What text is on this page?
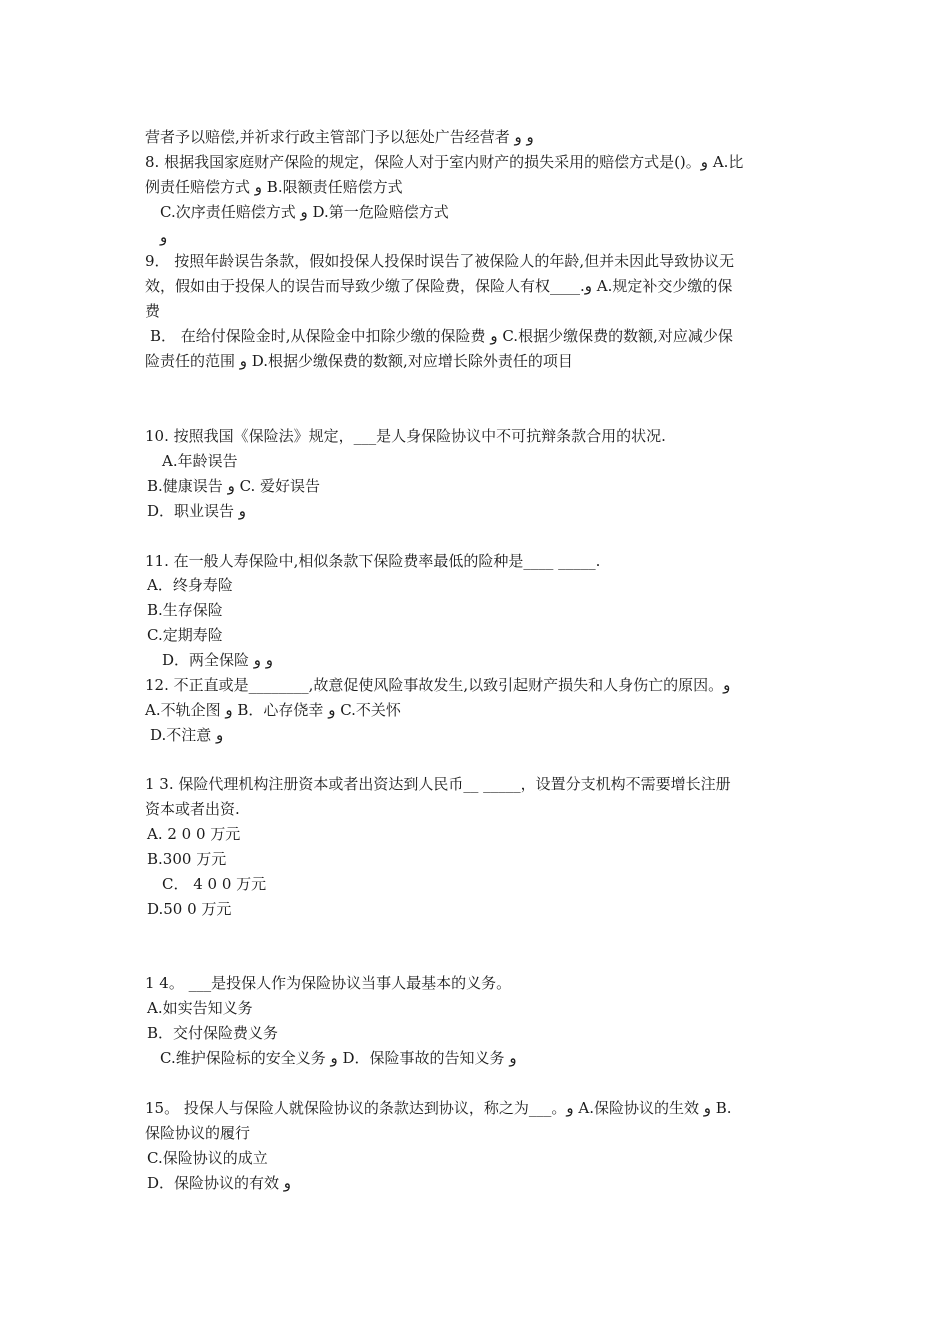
营者予以赔偿,并祈求行政主管部门予以惩处广告经营者 و و
8. 根据我国家庭财产保险的规定，保险人对于室内财产的损失采用的赔偿方式是()。و A.比
例责任赔偿方式 و B.限额责任赔偿方式
C.次序责任赔偿方式 و D.第一危险赔偿方式
و
9． 按照年龄误告条款，假如投保人投保时误告了被保险人的年龄,但并未因此导致协议无
效，假如由于投保人的误告而导致少缴了保险费，保险人有权____.و A.规定补交少缴的保
费
B． 在给付保险金时,从保险金中扣除少缴的保险费 و C.根据少缴保费的数额,对应减少保
险责任的范围 و D.根据少缴保费的数额,对应增长除外责任的项目
10. 按照我国《保险法》规定，___是人身保险协议中不可抗辩条款合用的状况.
A.年龄误告
B.健康误告 و C. 爱好误告
D．职业误告 و
11. 在一般人寿保险中,相似条款下保险费率最低的险种是____ _____.
A．终身寿险
B.生存保险
C.定期寿险
D．两全保险 و و
12. 不正直或是________,故意促使风险事故发生,以致引起财产损失和人身伤亡的原因。و
A.不轨企图 و B．心存侥幸 و C.不关怀
D.不注意 و
1 3. 保险代理机构注册资本或者出资达到人民币__ _____，设置分支机构不需要增长注册
资本或者出资.
A. 2 0 0 万元
B.300 万元
C． 4 0 0 万元
D.50 0 万元
1 4。 ___是投保人作为保险协议当事人最基本的义务。
A.如实告知义务
B．交付保险费义务
C.维护保险标的安全义务 و D．保险事故的告知义务 و
15。 投保人与保险人就保险协议的条款达到协议，称之为___。و A.保险协议的生效 و B.
保险协议的履行
C.保险协议的成立
D．保险协议的有效 و
